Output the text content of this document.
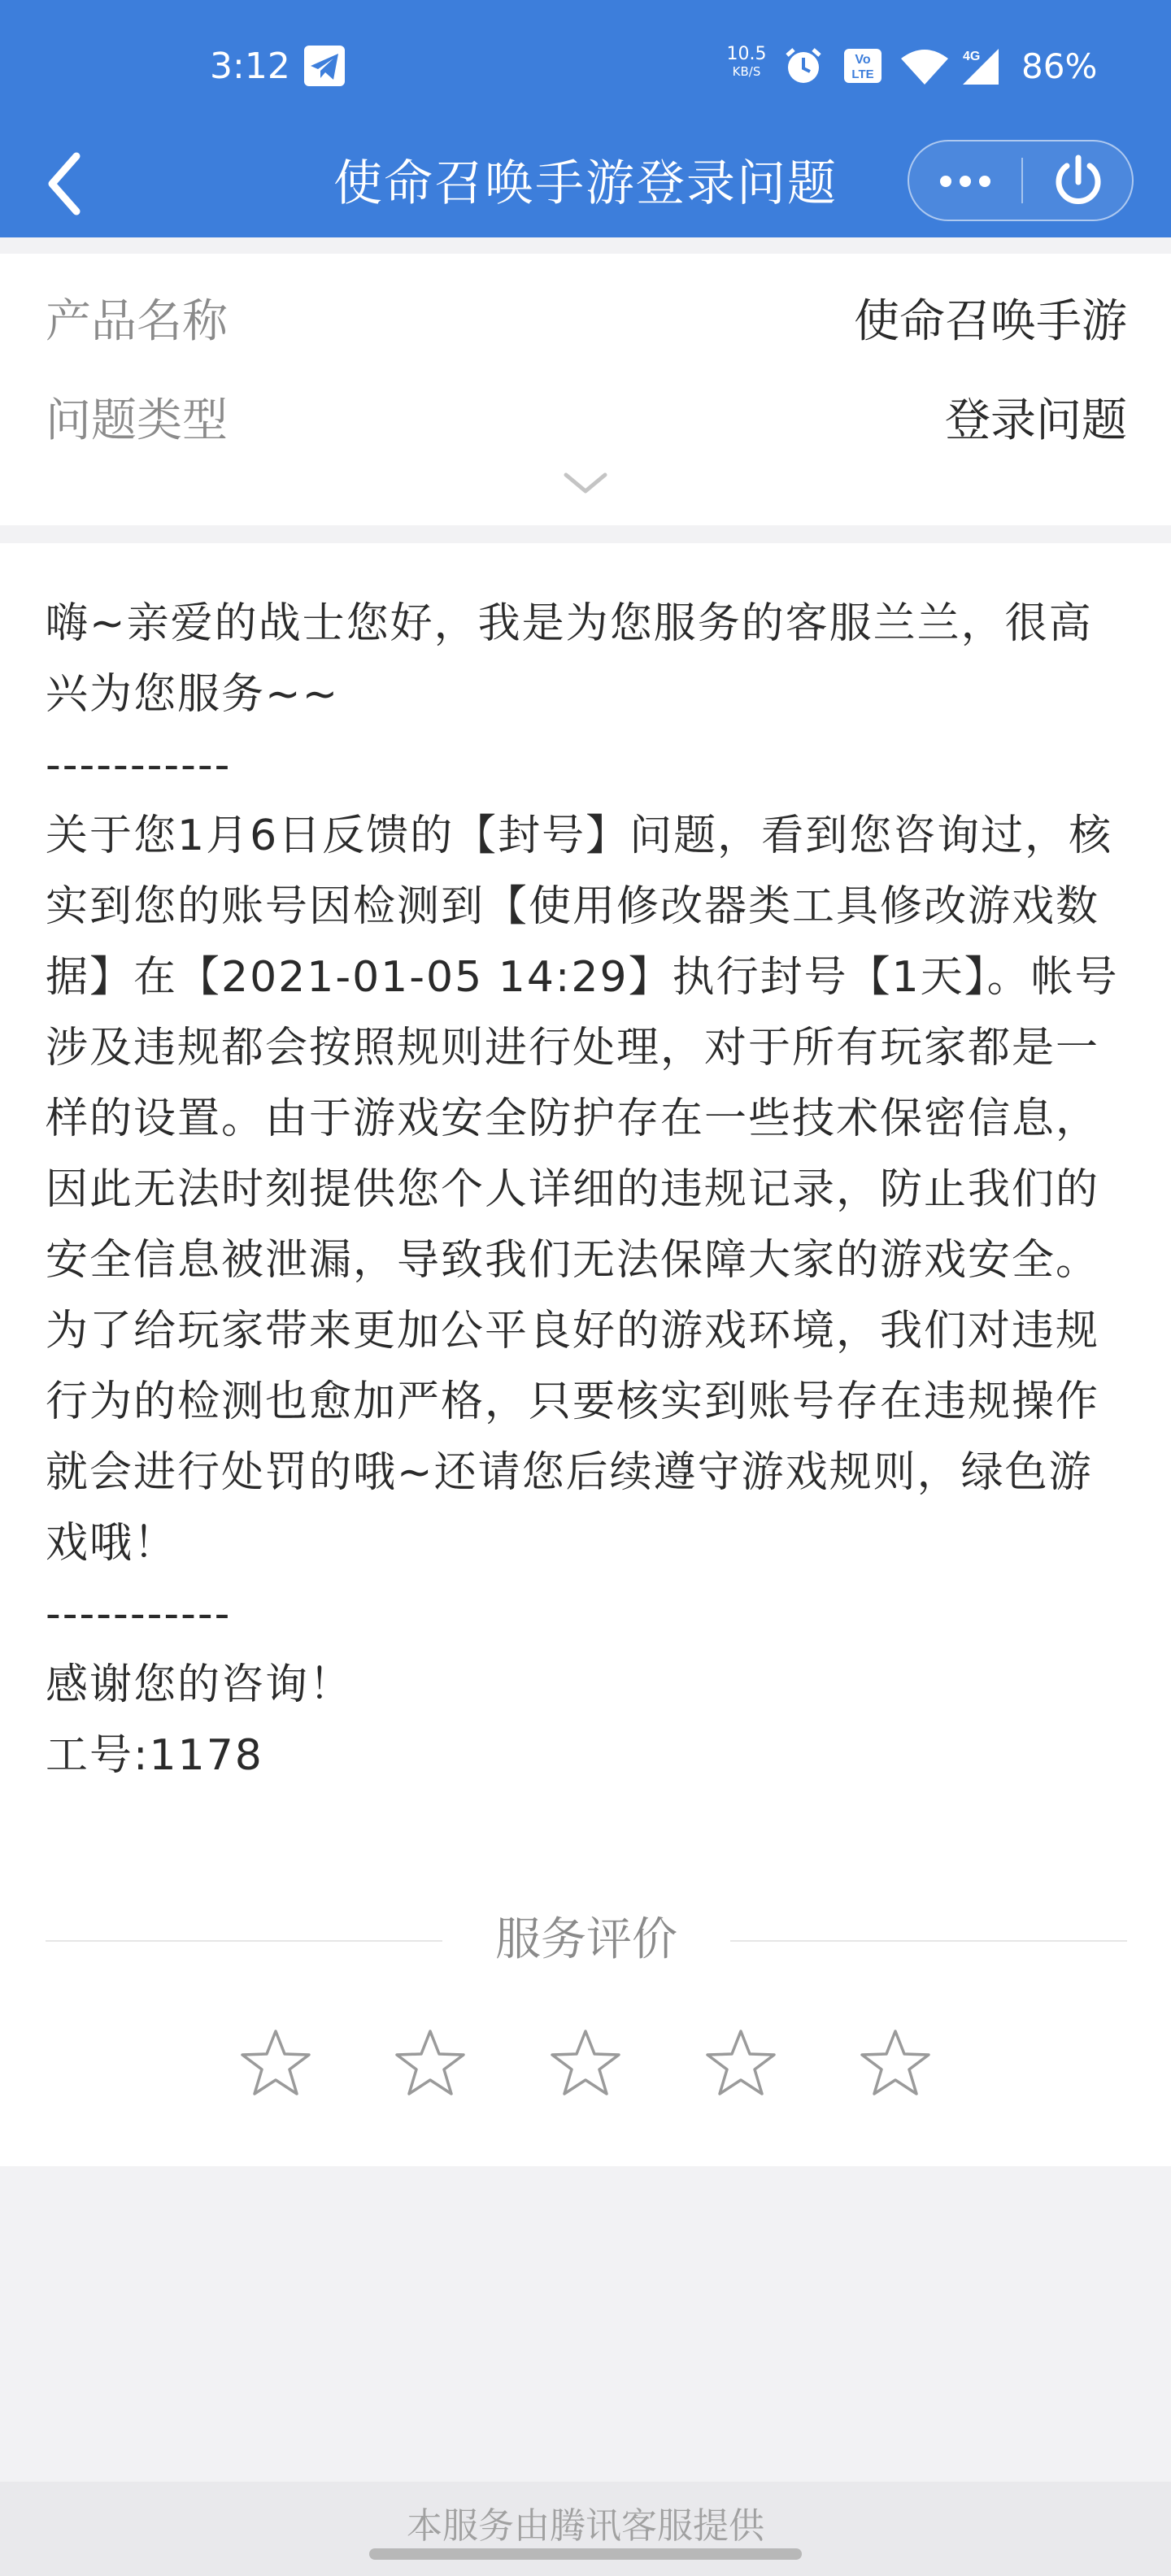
3:12	10.5
KB/S
Vo
LTE
4G 86%
使命召唤手游登录问题
产品名称	使命召唤手游
问题类型	登录问题

嗨~亲爱的战士您好，我是为您服务的客服兰兰，很高兴为您服务~~

-----------

关于您1月6日反馈的【封号】问题，看到您咨询过，核实到您的账号因检测到【使用修改器类工具修改游戏数据】在【2021-01-05 14:29】执行封号【1天】。帐号涉及违规都会按照规则进行处理，对于所有玩家都是一样的设置。由于游戏安全防护存在一些技术保密信息，因此无法时刻提供您个人详细的违规记录，防止我们的安全信息被泄漏，导致我们无法保障大家的游戏安全。为了给玩家带来更加公平良好的游戏环境，我们对违规行为的检测也愈加严格，只要核实到账号存在违规操作就会进行处罚的哦~还请您后续遵守游戏规则，绿色游戏哦！

-----------

感谢您的咨询！

工号:1178

服务评价
本服务由腾讯客服提供
